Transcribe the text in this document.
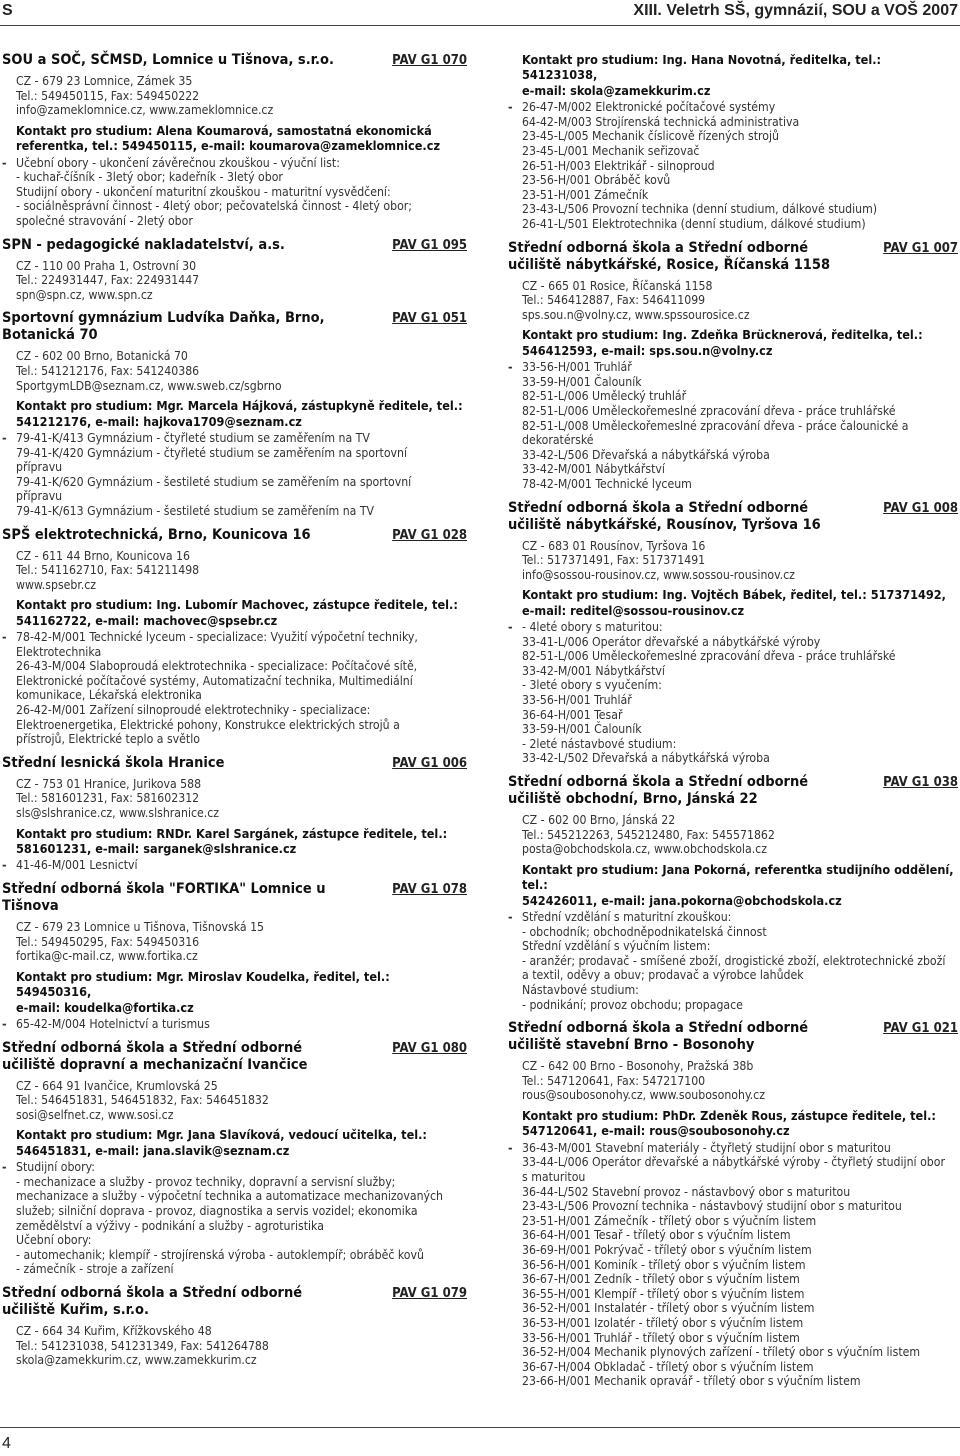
S	XIII. Veletrh SŠ, gymnázií, SOU a VOŠ 2007
SOU a SOČ, SČMSD, Lomnice u Tišnova, s.r.o.	PAV G1 070
CZ - 679 23 Lomnice, Zámek 35
Tel.: 549450115, Fax: 549450222
info@zameklomnice.cz, www.zameklomnice.cz
Kontakt pro studium: Alena Koumarová, samostatná ekonomická
referentka, tel.: 549450115, e-mail: koumarova@zameklomnice.cz
- Učební obory - ukončení závěrečnou zkouškou - výuční list:
- kuchař-číšník - 3letý obor; kadeřník - 3letý obor
Studijní obory - ukončení maturitní zkouškou - maturitní vysvědčení:
- sociálněsprávní činnost - 4letý obor; pečovatelská činnost - 4letý obor;
společné stravování - 2letý obor
SPN - pedagogické nakladatelství, a.s.	PAV G1 095
CZ - 110 00 Praha 1, Ostrovní 30
Tel.: 224931447, Fax: 224931447
spn@spn.cz, www.spn.cz
Sportovní gymnázium Ludvíka Daňka, Brno,
Botanická 70
PAV G1 051
CZ - 602 00 Brno, Botanická 70
Tel.: 541212176, Fax: 541240386
SportgymLDB@seznam.cz, www.sweb.cz/sgbrno
Kontakt pro studium: Mgr. Marcela Hájková, zástupkyně ředitele, tel.:
541212176, e-mail: hajkova1709@seznam.cz
- 79-41-K/413 Gymnázium - čtyřleté studium se zaměřením na TV
79-41-K/420 Gymnázium - čtyřleté studium se zaměřením na sportovní
přípravu
79-41-K/620 Gymnázium - šestileté studium se zaměřením na sportovní
přípravu
79-41-K/613 Gymnázium - šestileté studium se zaměřením na TV
SPŠ elektrotechnická, Brno, Kounicova 16	PAV G1 028
CZ - 611 44 Brno, Kounicova 16
Tel.: 541162710, Fax: 541211498
www.spsebr.cz
Kontakt pro studium: Ing. Lubomír Machovec, zástupce ředitele, tel.:
541162722, e-mail: machovec@spsebr.cz
- 78-42-M/001 Technické lyceum - specializace: Využití výpočetní techniky,
Elektrotechnika
26-43-M/004 Slaboproudá elektrotechnika - specializace: Počítačové sítě,
Elektronické počítačové systémy, Automatizační technika, Multimediální
komunikace, Lékařská elektronika
26-42-M/001 Zařízení silnoproudé elektrotechniky - specializace:
Elektroenergetika, Elektrické pohony, Konstrukce elektrických strojů a
přístrojů, Elektrické teplo a světlo
Střední lesnická škola Hranice	PAV G1 006
CZ - 753 01 Hranice, Jurikova 588
Tel.: 581601231, Fax: 581602312
sls@slshranice.cz, www.slshranice.cz
Kontakt pro studium: RNDr. Karel Sargánek, zástupce ředitele, tel.:
581601231, e-mail: sarganek@slshranice.cz
- 41-46-M/001 Lesnictví
Střední odborná škola "FORTIKA" Lomnice u
Tišnova
PAV G1 078
CZ - 679 23 Lomnice u Tišnova, Tišnovská 15
Tel.: 549450295, Fax: 549450316
fortika@c-mail.cz, www.fortika.cz
Kontakt pro studium: Mgr. Miroslav Koudelka, ředitel, tel.: 549450316,
e-mail: koudelka@fortika.cz
- 65-42-M/004 Hotelnictví a turismus
Střední odborná škola a Střední odborné
učiliště dopravní a mechanizační Ivančice
PAV G1 080
CZ - 664 91 Ivančice, Krumlovská 25
Tel.: 546451831, 546451832, Fax: 546451832
sosi@selfnet.cz, www.sosi.cz
Kontakt pro studium: Mgr. Jana Slavíková, vedoucí učitelka, tel.:
546451831, e-mail: jana.slavik@seznam.cz
- Studijní obory:
- mechanizace a služby - provoz techniky, dopravní a servisní služby;
mechanizace a služby - výpočetní technika a automatizace mechanizovaných
služeb; silniční doprava - provoz, diagnostika a servis vozidel; ekonomika
zemědělství a výživy - podnikání a služby - agroturistika
Učební obory:
- automechanik; klempíř - strojírenská výroba - autoklempíř; obráběč kovů
- zámečník - stroje a zařízení
Střední odborná škola a Střední odborné
učiliště Kuřim, s.r.o.
PAV G1 079
CZ - 664 34 Kuřim, Křížkovského 48
Tel.: 541231038, 541231349, Fax: 541264788
skola@zamekkurim.cz, www.zamekkurim.cz
Kontakt pro studium: Ing. Hana Novotná, ředitelka, tel.: 541231038,
e-mail: skola@zamekkurim.cz
- 26-47-M/002 Elektronické počítačové systémy
64-42-M/003 Strojírenská technická administrativa
23-45-L/005 Mechanik číslicově řízených strojů
23-45-L/001 Mechanik seřizovač
26-51-H/003 Elektrikář - silnoproud
23-56-H/001 Obráběč kovů
23-51-H/001 Zámečník
23-43-L/506 Provozní technika (denní studium, dálkové studium)
26-41-L/501 Elektrotechnika (denní studium, dálkové studium)
Střední odborná škola a Střední odborné
učiliště nábytkářské, Rosice, Říčanská 1158
PAV G1 007
CZ - 665 01 Rosice, Říčanská 1158
Tel.: 546412887, Fax: 546411099
sps.sou.n@volny.cz, www.spssourosice.cz
Kontakt pro studium: Ing. Zdeňka Brücknerová, ředitelka, tel.:
546412593, e-mail: sps.sou.n@volny.cz
- 33-56-H/001 Truhlář
33-59-H/001 Čalouník
82-51-L/006 Umělecký truhlář
82-51-L/006 Uměleckořemeslné zpracování dřeva - práce truhlářské
82-51-L/008 Uměleckořemeslné zpracování dřeva - práce čalounické a
dekoratérské
33-42-L/506 Dřevařská a nábytkářská výroba
33-42-M/001 Nábytkářství
78-42-M/001 Technické lyceum
Střední odborná škola a Střední odborné
učiliště nábytkářské, Rousínov, Tyršova 16
PAV G1 008
CZ - 683 01 Rousínov, Tyršova 16
Tel.: 517371491, Fax: 517371491
info@sossou-rousinov.cz, www.sossou-rousinov.cz
Kontakt pro studium: Ing. Vojtěch Bábek, ředitel, tel.: 517371492,
e-mail: reditel@sossou-rousinov.cz
- - 4leté obory s maturitou:
33-41-L/006 Operátor dřevařské a nábytkářské výroby
82-51-L/006 Uměleckořemeslné zpracování dřeva - práce truhlářské
33-42-M/001 Nábytkářství
- 3leté obory s vyučením:
33-56-H/001 Truhlář
36-64-H/001 Tesař
33-59-H/001 Čalouník
- 2leté nástavbové studium:
33-42-L/502 Dřevařská a nábytkářská výroba
Střední odborná škola a Střední odborné
učiliště obchodní, Brno, Jánská 22
PAV G1 038
CZ - 602 00 Brno, Jánská 22
Tel.: 545212263, 545212480, Fax: 545571862
posta@obchodskola.cz, www.obchodskola.cz
Kontakt pro studium: Jana Pokorná, referentka studijního oddělení, tel.:
542426011, e-mail: jana.pokorna@obchodskola.cz
- Střední vzdělání s maturitní zkouškou:
- obchodník; obchodněpodnikatelská činnost
Střední vzdělání s výučním listem:
- aranžér; prodavač - smíšené zboží, drogistické zboží, elektrotechnické zboží
a textil, oděvy a obuv; prodavač a výrobce lahůdek
Nástavbové studium:
- podnikání; provoz obchodu; propagace
Střední odborná škola a Střední odborné
učiliště stavební Brno - Bosonohy
PAV G1 021
CZ - 642 00 Brno - Bosonohy, Pražská 38b
Tel.: 547120641, Fax: 547217100
rous@soubosonohy.cz, www.soubosonohy.cz
Kontakt pro studium: PhDr. Zdeněk Rous, zástupce ředitele, tel.:
547120641, e-mail: rous@soubosonohy.cz
- 36-43-M/001 Stavební materiály - čtyřletý studijní obor s maturitou
33-44-L/006 Operátor dřevařské a nábytkářské výroby - čtyřletý studijní obor
s maturitou
36-44-L/502 Stavební provoz - nástavbový obor s maturitou
23-43-L/506 Provozní technika - nástavbový studijní obor s maturitou
23-51-H/001 Zámečník - tříletý obor s výučním listem
36-64-H/001 Tesař - tříletý obor s výučním listem
36-69-H/001 Pokrývač - tříletý obor s výučním listem
36-56-H/001 Kominík - tříletý obor s výučním listem
36-67-H/001 Zedník - tříletý obor s výučním listem
36-55-H/001 Klempíř - tříletý obor s výučním listem
36-52-H/001 Instalatér - tříletý obor s výučním listem
36-53-H/001 Izolatér - tříletý obor s výučním listem
33-56-H/001 Truhlář - tříletý obor s výučním listem
36-52-H/004 Mechanik plynových zařízení - tříletý obor s výučním listem
36-67-H/004 Obkladač - tříletý obor s výučním listem
23-66-H/001 Mechanik opravář - tříletý obor s výučním listem
4
